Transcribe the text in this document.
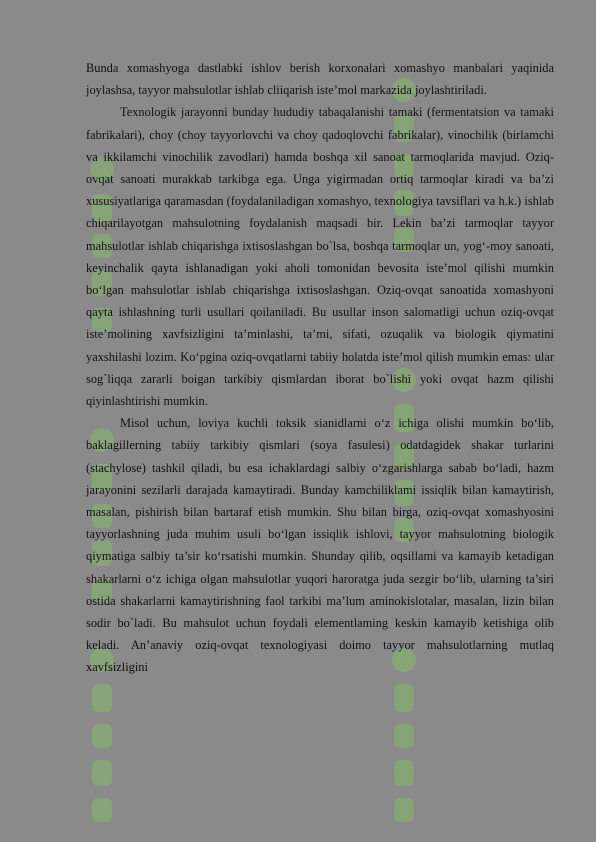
Bunda xomashyoga dastlabki ishlov berish korxonalari xomashyo manbalari yaqinida joylashsa, tayyor mahsulotlar ishlab cliiqarish iste’mol markazida joylashtiriladi.

Texnologik jarayonni bunday hududiy tabaqalanishi tamaki (fermentatsion va tamaki fabrikalari), choy (choy tayyorlovchi va choy qadoqlovchi fabrikalar), vinochilik (birlamchi va ikkilamchi vinochilik zavodlari) hamda boshqa xil sanoat tarmoqlarida mavjud. Oziq-ovqat sanoati murakkab tarkibga ega. Unga yigirmadan ortiq tarmoqlar kiradi va ba’zi xususiyatlariga qaramasdan (foydalaniladigan xomashyo, texnologiya tavsiflari va h.k.) ishlab chiqarilayotgan mahsulotning foydalanish maqsadi bir. Lekin ba’zi tarmoqlar tayyor mahsulotlar ishlab chiqarishga ixtisoslashgan bo`lsa, boshqa tarmoqlar un, yog‘-moy sanoati, keyinchalik qayta ishlanadigan yoki aholi tomonidan bevosita iste’mol qilishi mumkin bo‘lgan mahsulotlar ishlab chiqarishga ixtisoslashgan. Oziq-ovqat sanoatida xomashyoni qayta ishlashning turli usullari qoilaniladi. Bu usullar inson salomatligi uchun oziq-ovqat iste’molining xavfsizligini ta’minlashi, ta’mi, sifati, ozuqalik va biologik qiymatini yaxshilashi lozim. Ko‘pgina oziq-ovqatlarni tabiiy holatda iste’mol qilish mumkin emas: ular sog`liqqa zararli boigan tarkibiy qismlardan iborat bo`lishi yoki ovqat hazm qilishi qiyinlashtirishi mumkin.

Misol uchun, loviya kuchli toksik sianidlarni o‘z ichiga olishi mumkin bo‘lib, baklagillerning tabiiy tarkibiy qismlari (soya fasulesi) odatdagidek shakar turlarini (stachylose) tashkil qiladi, bu esa ichaklardagi salbiy o‘zgarishlarga sabab bo‘ladi, hazm jarayonini sezilarli darajada kamaytiradi. Bunday kamchiliklami issiqlik bilan kamaytirish, masalan, pishirish bilan bartaraf etish mumkin. Shu bilan birga, oziq-ovqat xomashyosini tayyorlashning juda muhim usuli bo‘lgan issiqlik ishlovi, tayyor mahsulotning biologik qiymatiga salbiy ta’sir ko‘rsatishi mumkin. Shunday qilib, oqsillami va kamayib ketadigan shakarlarni o‘z ichiga olgan mahsulotlar yuqori haroratga juda sezgir bo‘lib, ularning ta’siri ostida shakarlarni kamaytirishning faol tarkibi ma’lum aminokislotalar, masalan, lizin bilan sodir bo`ladi. Bu mahsulot uchun foydali elementlaming keskin kamayib ketishiga olib keladi. An’anaviy oziq-ovqat texnologiyasi doimo tayyor mahsulotlarning mutlaq xavfsizligini
